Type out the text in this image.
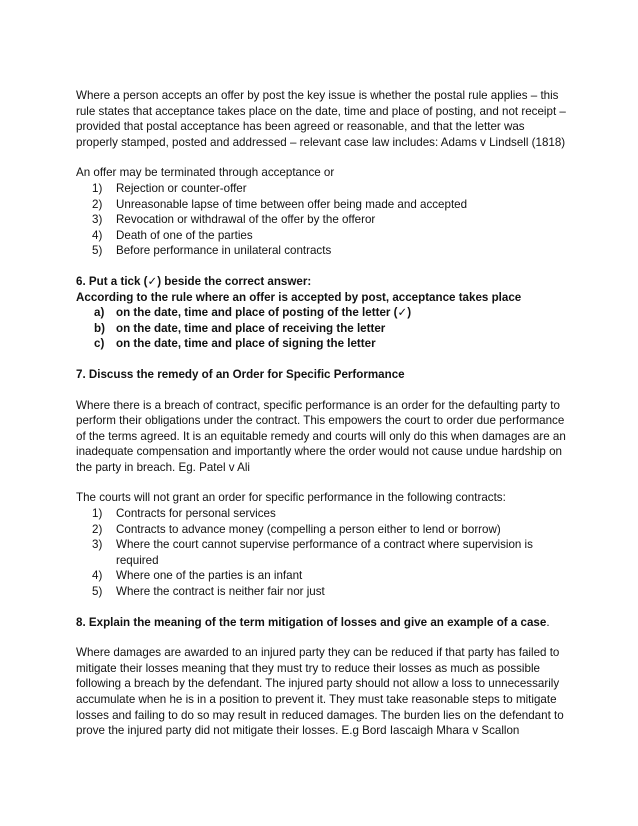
Where a person accepts an offer by post the key issue is whether the postal rule applies – this rule states that acceptance takes place on the date, time and place of posting, and not receipt – provided that postal acceptance has been agreed or reasonable, and that the letter was properly stamped, posted and addressed – relevant case law includes: Adams v Lindsell (1818)

An offer may be terminated through acceptance or

1)	Rejection or counter-offer
2)	Unreasonable lapse of time between offer being made and accepted
3)	Revocation or withdrawal of the offer by the offeror
4)	Death of one of the parties
5)	Before performance in unilateral contracts

6. Put a tick (✓) beside the correct answer:

According to the rule where an offer is accepted by post, acceptance takes place

a)	on the date, time and place of posting of the letter (✓)
b) on the date, time and place of receiving the letter
c)	on the date, time and place of signing the letter

7. Discuss the remedy of an Order for Specific Performance

Where there is a breach of contract, specific performance is an order for the defaulting party to perform their obligations under the contract. This empowers the court to order due performance of the terms agreed. It is an equitable remedy and courts will only do this when damages are an inadequate compensation and importantly where the order would not cause undue hardship on the party in breach. Eg. Patel v Ali

The courts will not grant an order for specific performance in the following contracts:

1)	Contracts for personal services
2)	Contracts to advance money (compelling a person either to lend or borrow)
3)	Where the court cannot supervise performance of a contract where supervision is required
4)	Where one of the parties is an infant
5)	Where the contract is neither fair nor just

8. Explain the meaning of the term mitigation of losses and give an example of a case.

Where damages are awarded to an injured party they can be reduced if that party has failed to mitigate their losses meaning that they must try to reduce their losses as much as possible following a breach by the defendant. The injured party should not allow a loss to unnecessarily accumulate when he is in a position to prevent it. They must take reasonable steps to mitigate losses and failing to do so may result in reduced damages. The burden lies on the defendant to prove the injured party did not mitigate their losses. E.g Bord Iascaigh Mhara v Scallon
